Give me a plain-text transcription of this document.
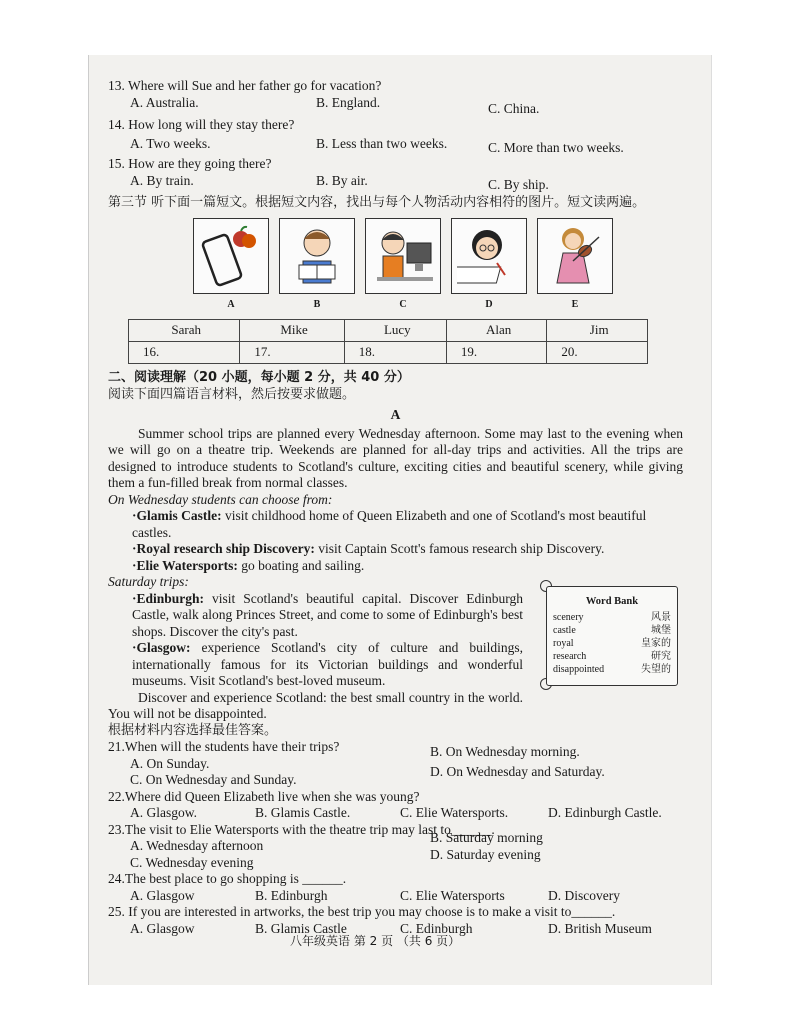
13. Where will Sue and her father go for vacation?
A. Australia.	B. England.	C. China.
14. How long will they stay there?
A. Two weeks.	B. Less than two weeks.	C. More than two weeks.
15. How are they going there?
A. By train.	B. By air.	C. By ship.
第三节 听下面一篇短文。根据短文内容，找出与每个人物活动内容相符的图片。短文读两遍。
A	B	C	D	E
Sarah	Mike	Lucy	Alan	Jim
16.	17.	18.	19.	20.
二、阅读理解（20 小题，每小题 2 分，共 40 分）
阅读下面四篇语言材料，然后按要求做题。
A
Summer school trips are planned every Wednesday afternoon. Some may last to the evening when we will go on a theatre trip. Weekends are planned for all-day trips and activities. All the trips are designed to introduce students to Scotland's culture, exciting cities and beautiful scenery, while giving them a fun-filled break from normal classes.
On Wednesday students can choose from:
·Glamis Castle: visit childhood home of Queen Elizabeth and one of Scotland's most beautiful castles.
·Royal research ship Discovery: visit Captain Scott's famous research ship Discovery.
·Elie Watersports: go boating and sailing.
Saturday trips:
·Edinburgh: visit Scotland's beautiful capital. Discover Edinburgh Castle, walk along Princes Street, and come to some of Edinburgh's best shops. Discover the city's past.
·Glasgow: experience Scotland's city of culture and buildings, internationally famous for its Victorian buildings and wonderful museums. Visit Scotland's best-loved museum.
Discover and experience Scotland: the best small country in the world. You will not be disappointed.
根据材料内容选择最佳答案。
21.When will the students have their trips?
A. On Sunday.
B. On Wednesday morning.
C. On Wednesday and Sunday.
D. On Wednesday and Saturday.
22.Where did Queen Elizabeth live when she was young?
A. Glasgow.	B. Glamis Castle.	C. Elie Watersports.	D. Edinburgh Castle.
23.The visit to Elie Watersports with the theatre trip may last to______.
A. Wednesday afternoon
B. Saturday morning
C. Wednesday evening
D. Saturday evening
24.The best place to go shopping is ______.
A. Glasgow	B. Edinburgh	C. Elie Watersports	D. Discovery
25. If you are interested in artworks, the best trip you may choose is to make a visit to______.
A. Glasgow	B. Glamis Castle	C. Edinburgh	D. British Museum
Word Bank
scenery	风景
castle	城堡
royal	皇家的
research	研究
disappointed	失望的
八年级英语 第 2 页 （共 6 页）
